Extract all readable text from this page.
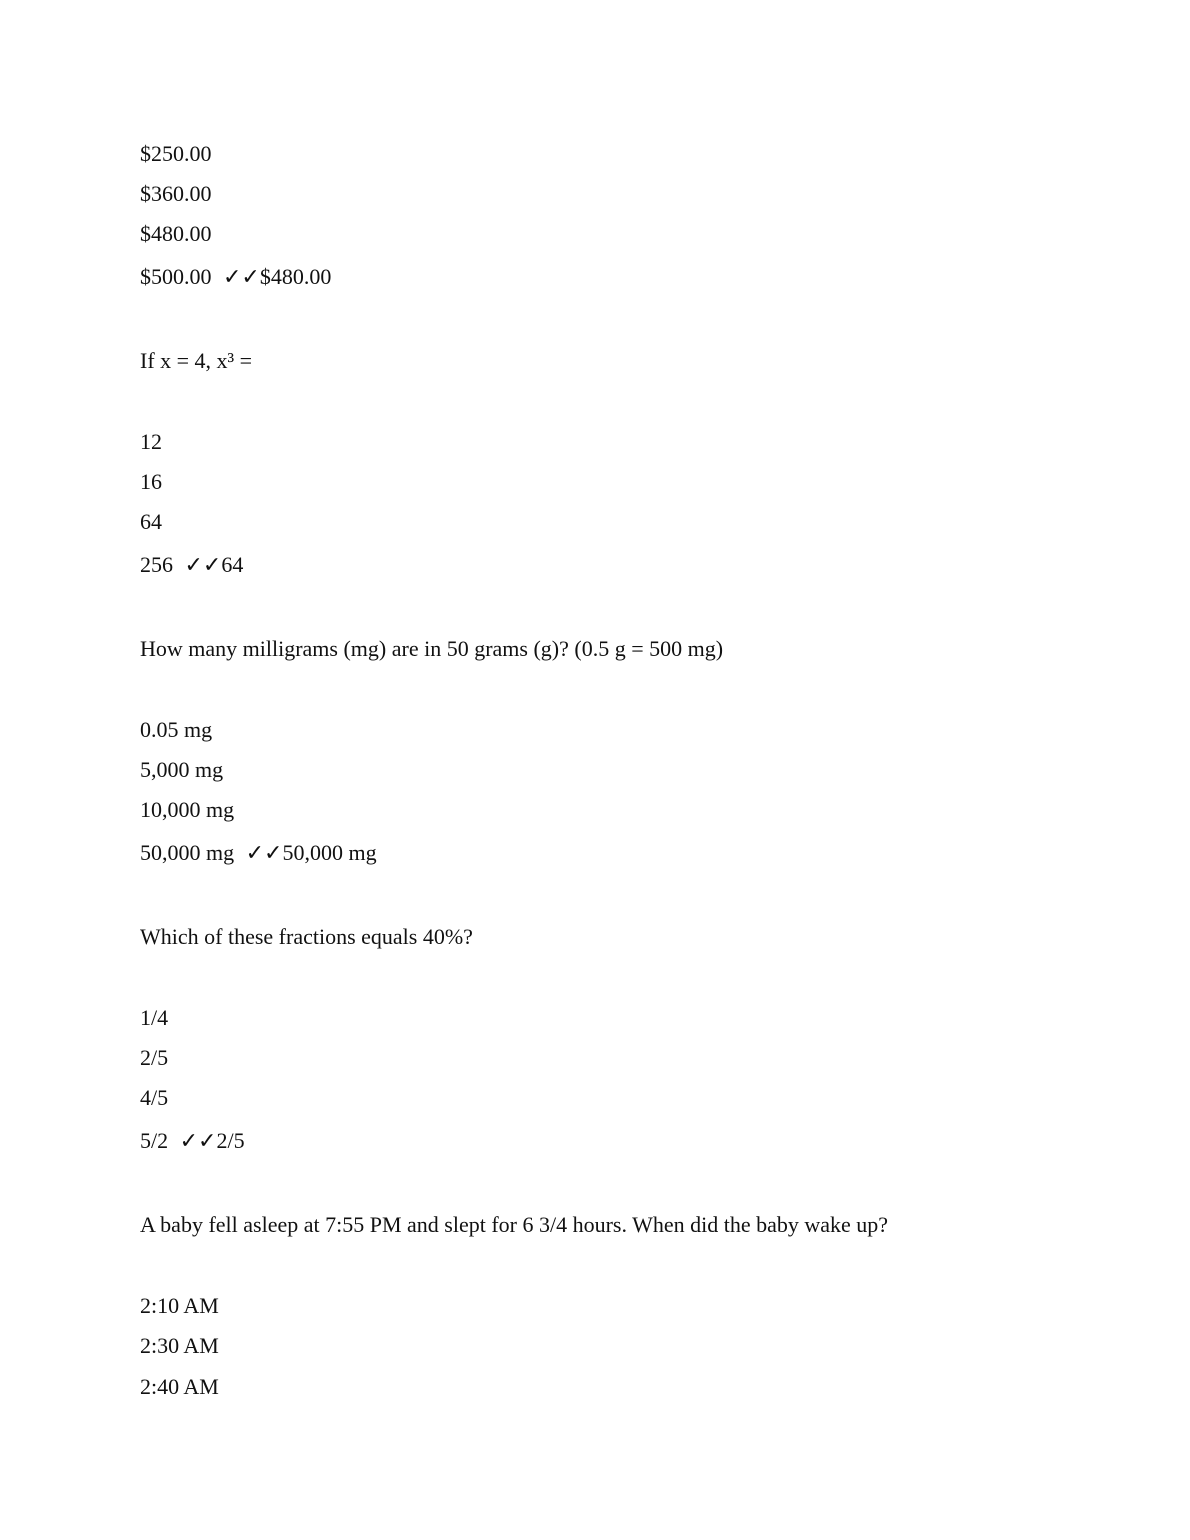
$250.00
$360.00
$480.00
$500.00 ✓✓$480.00
If x = 4, x³ =
12
16
64
256 ✓✓64
How many milligrams (mg) are in 50 grams (g)? (0.5 g = 500 mg)
0.05 mg
5,000 mg
10,000 mg
50,000 mg ✓✓50,000 mg
Which of these fractions equals 40%?
1/4
2/5
4/5
5/2 ✓✓2/5
A baby fell asleep at 7:55 PM and slept for 6 3/4 hours. When did the baby wake up?
2:10 AM
2:30 AM
2:40 AM
